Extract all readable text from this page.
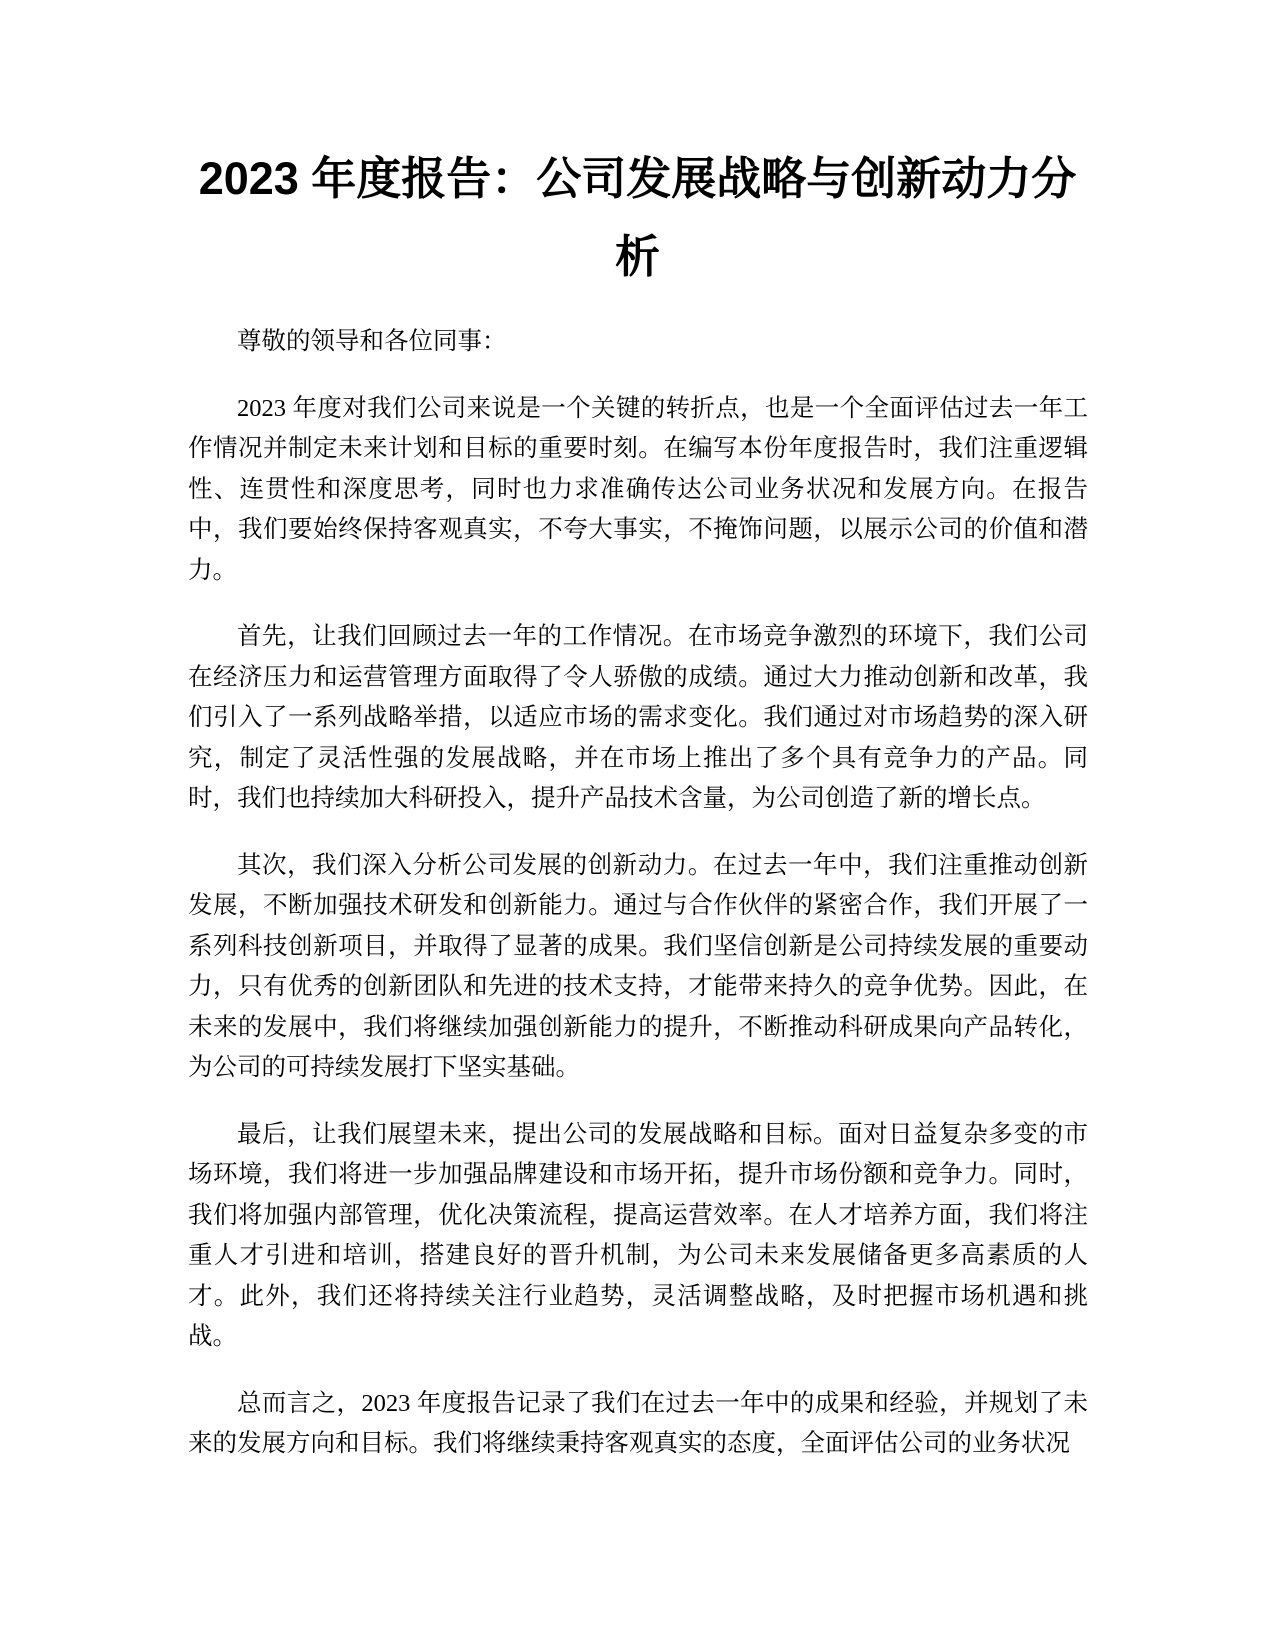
2023 年度报告：公司发展战略与创新动力分析

尊敬的领导和各位同事：

2023 年度对我们公司来说是一个关键的转折点，也是一个全面评估过去一年工作情况并制定未来计划和目标的重要时刻。在编写本份年度报告时，我们注重逻辑性、连贯性和深度思考，同时也力求准确传达公司业务状况和发展方向。在报告中，我们要始终保持客观真实，不夸大事实，不掩饰问题，以展示公司的价值和潜力。

首先，让我们回顾过去一年的工作情况。在市场竞争激烈的环境下，我们公司在经济压力和运营管理方面取得了令人骄傲的成绩。通过大力推动创新和改革，我们引入了一系列战略举措，以适应市场的需求变化。我们通过对市场趋势的深入研究，制定了灵活性强的发展战略，并在市场上推出了多个具有竞争力的产品。同时，我们也持续加大科研投入，提升产品技术含量，为公司创造了新的增长点。

其次，我们深入分析公司发展的创新动力。在过去一年中，我们注重推动创新发展，不断加强技术研发和创新能力。通过与合作伙伴的紧密合作，我们开展了一系列科技创新项目，并取得了显著的成果。我们坚信创新是公司持续发展的重要动力，只有优秀的创新团队和先进的技术支持，才能带来持久的竞争优势。因此，在未来的发展中，我们将继续加强创新能力的提升，不断推动科研成果向产品转化，为公司的可持续发展打下坚实基础。

最后，让我们展望未来，提出公司的发展战略和目标。面对日益复杂多变的市场环境，我们将进一步加强品牌建设和市场开拓，提升市场份额和竞争力。同时，我们将加强内部管理，优化决策流程，提高运营效率。在人才培养方面，我们将注重人才引进和培训，搭建良好的晋升机制，为公司未来发展储备更多高素质的人才。此外，我们还将持续关注行业趋势，灵活调整战略，及时把握市场机遇和挑战。

总而言之，2023 年度报告记录了我们在过去一年中的成果和经验，并规划了未来的发展方向和目标。我们将继续秉持客观真实的态度，全面评估公司的业务状况
